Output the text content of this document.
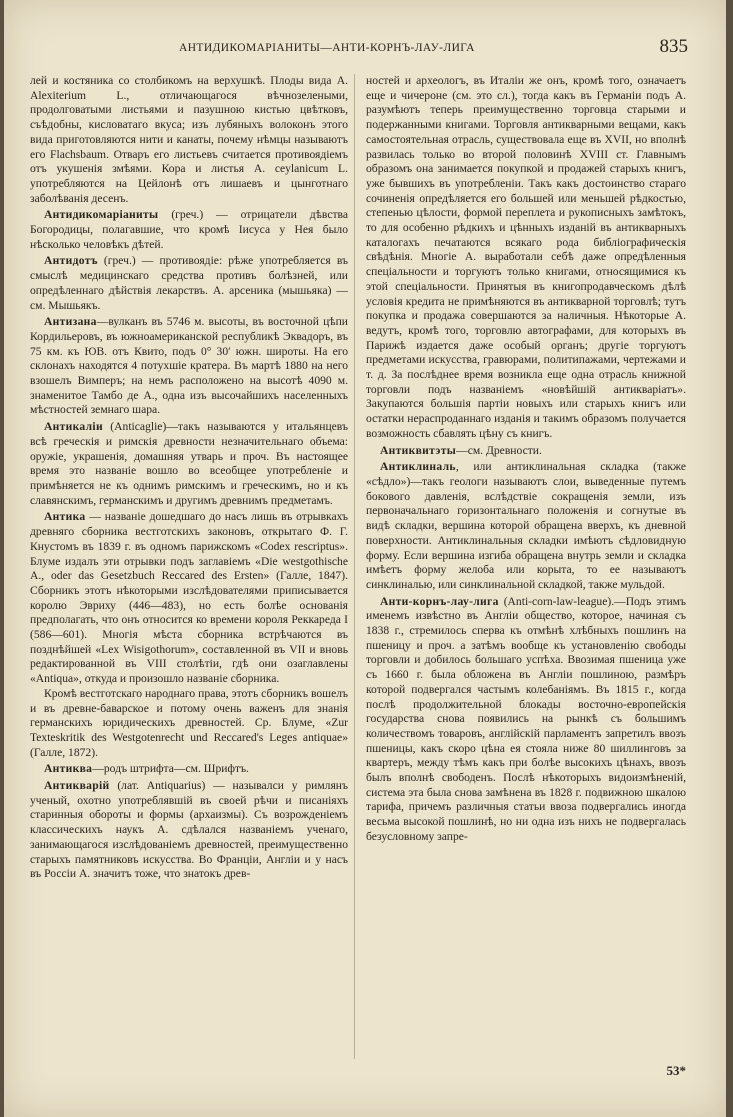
АНТИДИКОМАРІАНИТЫ—АНТИ-КОРНЪ-ЛАУ-ЛИГА	835

лей и костяника со столбикомъ на верхушкѣ. Плоды вида A. Alexiterium L., отличающагося вѣчнозелеными, продолговатыми листьями и пазушною кистью цвѣтковъ, съѣдобны, кисловатаго вкуса; изъ лубяныхъ волоконъ этого вида приготовляются нити и канаты, почему нѣмцы называютъ его Flachsbaum. Отваръ его листьевъ считается противоядіемъ отъ укушенія змѣями. Кора и листья A. ceylanicum L. употребляются на Цейлонѣ отъ лишаевъ и цынготнаго заболѣванія десенъ.

Антидикомаріаниты (греч.) — отрицатели дѣвства Богородицы, полагавшие, что кромѣ Іисуса у Нея было нѣсколько человѣкъ дѣтей.

Антидотъ (греч.) — противоядіе: рѣже употребляется въ смыслѣ медицинскаго средства противъ болѣзней, или опредѣленнаго дѣйствія лекарствъ. А. арсеника (мышьяка) — см. Мышьякъ.

Антизана—вулканъ въ 5746 м. высоты, въ восточной цѣпи Кордильеровъ, въ южноамериканской республикѣ Эквадоръ, въ 75 км. къ ЮВ. отъ Квито, подъ 0° 30′ южн. широты. На его склонахъ находятся 4 потухшіе кратера. Въ мартѣ 1880 на него взошелъ Вимперъ; на немъ расположено на высотѣ 4090 м. знаменитое Тамбо де А., одна изъ высочайшихъ населенныхъ мѣстностей земнаго шара.

Антикаліи (Anticaglie)—такъ называются у итальянцевъ всѣ греческія и римскія древности незначительнаго объема: оружіе, украшенія, домашняя утварь и проч. Въ настоящее время это названіе вошло во всеобщее употребленіе и примѣняется не къ однимъ римскимъ и греческимъ, но и къ славянскимъ, германскимъ и другимъ древнимъ предметамъ.

Антика — названіе дошедшаго до насъ лишь въ отрывкахъ древняго сборника вестготскихъ законовъ, открытаго Ф. Г. Кнустомъ въ 1839 г. въ одномъ парижскомъ «Codex rescriptus». Блуме издалъ эти отрывки подъ заглавіемъ «Die westgothische A., oder das Gesetzbuch Reccared des Ersten» (Галле, 1847). Сборникъ этотъ нѣкоторыми изслѣдователями приписывается королю Эвриху (446—483), но есть болѣе основанія предполагать, что онъ относится ко времени короля Реккареда I (586—601). Многія мѣста сборника встрѣчаются въ позднѣйшей «Lex Wisigothorum», составленной въ VII и вновь редактированной въ VIII столѣтіи, гдѣ они озаглавлены «Antiqua», откуда и произошло названіе сборника.

Кромѣ вестготскаго народнаго права, этотъ сборникъ вошелъ и въ древне-баварское и потому очень важенъ для знанія германскихъ юридическихъ древностей. Ср. Блуме, «Zur Texteskritik des Westgotenrecht und Reccared's Leges antiquae» (Галле, 1872).

Антиква—родъ штрифта—см. Шрифтъ.

Антикварій (лат. Antiquarius) — называлси у римлянъ ученый, охотно употреблявшій въ своей рѣчи и писаніяхъ старинныя обороты и формы (архаизмы). Съ возрожденіемъ классическихъ наукъ А. сдѣлался названіемъ ученаго, занимающагося изслѣдованіемъ древностей, преимущественно старыхъ памятниковъ искусства. Во Франціи, Англіи и у насъ въ Россіи А. значитъ тоже, что знатокъ древ-

ностей и археологъ, въ Италіи же онъ, кромѣ того, означаетъ еще и чичероне (см. это сл.), тогда какъ въ Германіи подъ А. разумѣютъ теперь преимущественно торговца старыми и подержанными книгами. Торговля антикварными вещами, какъ самостоятельная отрасль, существовала еще въ XVII, но вполнѣ развилась только во второй половинѣ XVIII ст. Главнымъ образомъ она занимается покупкой и продажей старыхъ книгъ, уже бывшихъ въ употребленіи. Такъ какъ достоинство стараго сочиненія опредѣляется его большей или меньшей рѣдкостью, степенью цѣлости, формой переплета и рукописныхъ замѣтокъ, то для особенно рѣдкихъ и цѣнныхъ изданій въ антикварныхъ каталогахъ печатаются всякаго рода библіографическія свѣдѣнія. Многіе А. выработали себѣ даже опредѣленныя спеціальности и торгуютъ только книгами, относящимися къ этой спеціальности. Принятыя въ книгопродавческомъ дѣлѣ условія кредита не примѣняются въ антикварной торговлѣ; тутъ покупка и продажа совершаются за наличныя. Нѣкоторые А. ведутъ, кромѣ того, торговлю автографами, для которыхъ въ Парижѣ издается даже особый органъ; другіе торгуютъ предметами искусства, гравюрами, политипажами, чертежами и т. д. За послѣднее время возникла еще одна отрасль книжной торговли подъ названіемъ «новѣйшій антикваріатъ». Закупаются большія партіи новыхъ или старыхъ книгъ или остатки нераспроданнаго изданія и такимъ образомъ получается возможность сбавлять цѣну съ книгъ.

Антиквитэты—см. Древности.

Антиклиналь, или антиклинальная складка (также «сѣдло»)—такъ геологи называютъ слои, выведенные путемъ бокового давленія, вслѣдствіе сокращенія земли, изъ первоначальнаго горизонтальнаго положенія и согнутые въ видѣ складки, вершина которой обращена вверхъ, къ дневной поверхности. Антиклинальныя складки имѣютъ сѣдловидную форму. Если вершина изгиба обращена внутрь земли и складка имѣетъ форму желоба или корыта, то ее называютъ синклиналью, или синклинальной складкой, также мульдой.

Анти-корнъ-лау-лига (Anti-corn-law-league).—Подъ этимъ именемъ извѣстно въ Англіи общество, которое, начиная съ 1838 г., стремилось сперва къ отмѣнѣ хлѣбныхъ пошлинъ на пшеницу и проч. а затѣмъ вообще къ установленію свободы торговли и добилось большаго успѣха. Ввозимая пшеница уже съ 1660 г. была обложена въ Англіи пошлиною, размѣръ которой подвергался частымъ колебаніямъ. Въ 1815 г., когда послѣ продолжительной блокады восточно-европейскія государства снова появились на рынкѣ съ большимъ количествомъ товаровъ, англійскій парламентъ запретилъ ввозъ пшеницы, какъ скоро цѣна ея стояла ниже 80 шиллинговъ за квартеръ, между тѣмъ какъ при болѣе высокихъ цѣнахъ, ввозъ былъ вполнѣ свободенъ. Послѣ нѣкоторыхъ видоизмѣненій, система эта была снова замѣнена въ 1828 г. подвижною шкалою тарифа, причемъ различныя статьи ввоза подвергались иногда весьма высокой пошлинѣ, но ни одна изъ нихъ не подвергалась безусловному запре-

53*
